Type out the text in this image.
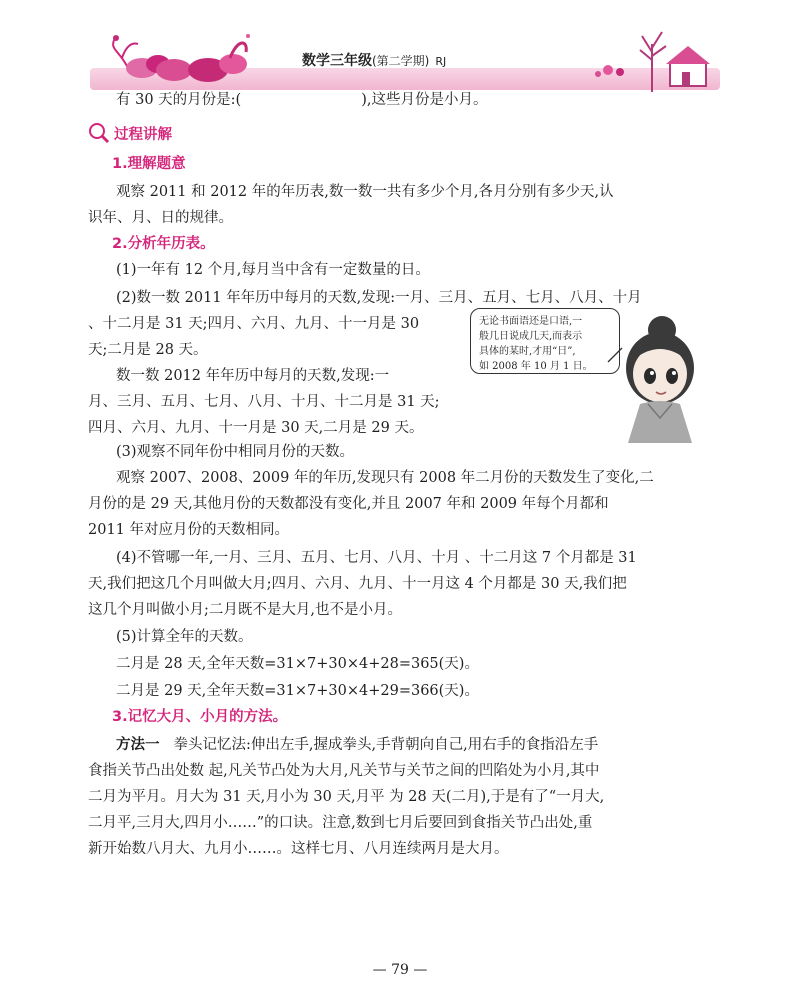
数学三年级(第二学期) RJ
有 30 天的月份是:(	),这些月份是小月。
过程讲解
1.理解题意
观察 2011 和 2012 年的年历表,数一数一共有多少个月,各月分别有多少天,认
识年、月、日的规律。
2.分析年历表。
(1)一年有 12 个月,每月当中含有一定数量的日。
(2)数一数 2011 年年历中每月的天数,发现:一月、三月、五月、七月、八月、十月
、十二月是 31 天;四月、六月、九月、十一月是 30
天;二月是 28 天。
数一数 2012 年年历中每月的天数,发现:一
月、三月、五月、七月、八月、十月、十二月是 31 天;
四月、六月、九月、十一月是 30 天,二月是 29 天。
(3)观察不同年份中相同月份的天数。
观察 2007、2008、2009 年的年历,发现只有 2008 年二月份的天数发生了变化,二
月份的是 29 天,其他月份的天数都没有变化,并且 2007 年和 2009 年每个月都和
2011 年对应月份的天数相同。
(4)不管哪一年,一月、三月、五月、七月、八月、十月 、十二月这 7 个月都是 31
天,我们把这几个月叫做大月;四月、六月、九月、十一月这 4 个月都是 30 天,我们把
这几个月叫做小月;二月既不是大月,也不是小月。
(5)计算全年的天数。
二月是 28 天,全年天数=31×7+30×4+28=365(天)。
二月是 29 天,全年天数=31×7+30×4+29=366(天)。
3.记忆大月、小月的方法。
方法一 拳头记忆法:伸出左手,握成拳头,手背朝向自己,用右手的食指沿左手
食指关节凸出处数 起,凡关节凸处为大月,凡关节与关节之间的凹陷处为小月,其中
二月为平月。月大为 31 天,月小为 30 天,月平 为 28 天(二月),于是有了“一月大,
二月平,三月大,四月小……”的口诀。注意,数到七月后要回到食指关节凸出处,重
新开始数八月大、九月小……。这样七月、八月连续两月是大月。
无论书面语还是口语,一
般几日说成几天,而表示
具体的某时,才用“日”,
如 2008 年 10 月 1 日。
— 79 —
